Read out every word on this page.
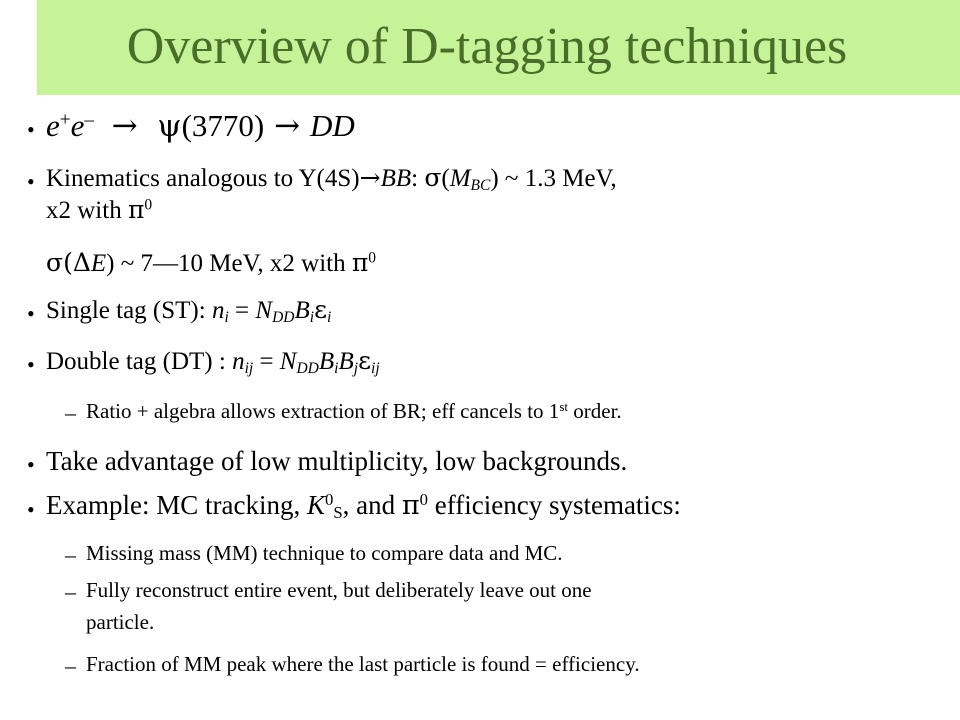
Overview of D-tagging techniques
• e+e–  →  ψ(3770) → DD
• Kinematics analogous to Y(4S)→BB: $\sigma(M_{BC})$ ~ 1.3 MeV,
x2 with $\pi^0$
σ(ΔE) ~ 7—10 MeV, x2 with $\pi^0$
• Single tag (ST): $n_i = N_{DD}B_i\varepsilon_i$
• Double tag (DT) : $n_{ij} = N_{DD}B_iB_j\varepsilon_{ij}$
– Ratio + algebra allows extraction of BR; eff cancels to 1st order.
• Take advantage of low multiplicity, low backgrounds.
• Example: MC tracking, $K^0_S$, and $\pi^0$ efficiency systematics:
– Missing mass (MM) technique to compare data and MC.
– Fully reconstruct entire event, but deliberately leave out one
particle.
– Fraction of MM peak where the last particle is found = efficiency.
